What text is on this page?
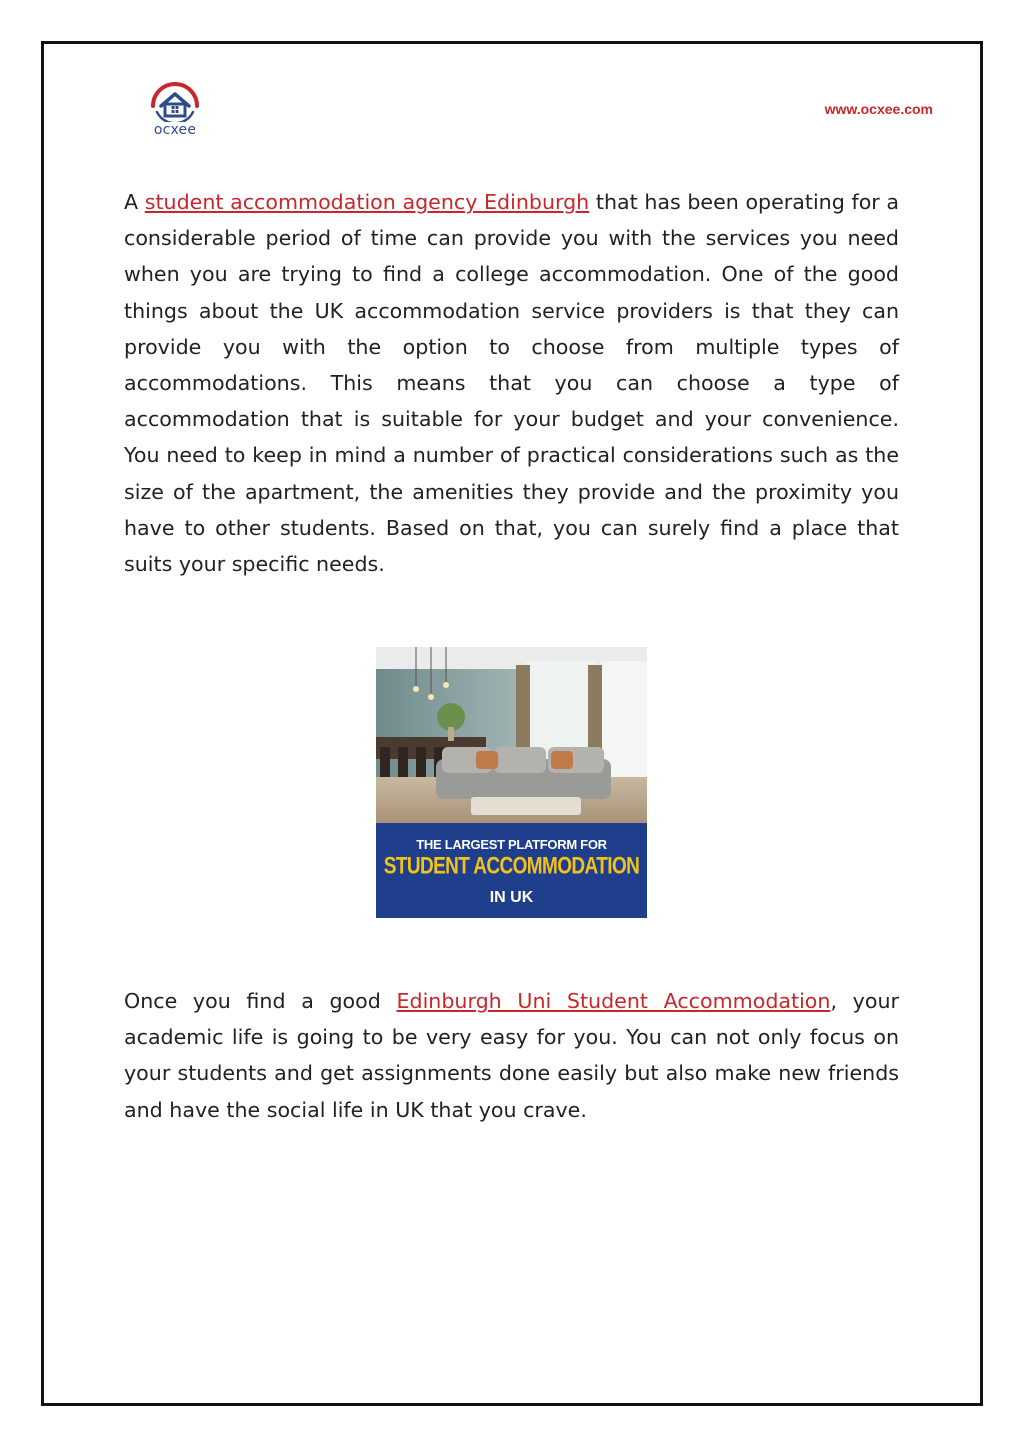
ocxee
www.ocxee.com

A student accommodation agency Edinburgh that has been operating for a considerable period of time can provide you with the services you need when you are trying to find a college accommodation. One of the good things about the UK accommodation service providers is that they can provide you with the option to choose from multiple types of accommodations. This means that you can choose a type of accommodation that is suitable for your budget and your convenience. You need to keep in mind a number of practical considerations such as the size of the apartment, the amenities they provide and the proximity you have to other students. Based on that, you can surely find a place that suits your specific needs.

THE LARGEST PLATFORM FOR
STUDENT ACCOMMODATION
IN UK

Once you find a good Edinburgh Uni Student Accommodation, your academic life is going to be very easy for you. You can not only focus on your students and get assignments done easily but also make new friends and have the social life in UK that you crave.
